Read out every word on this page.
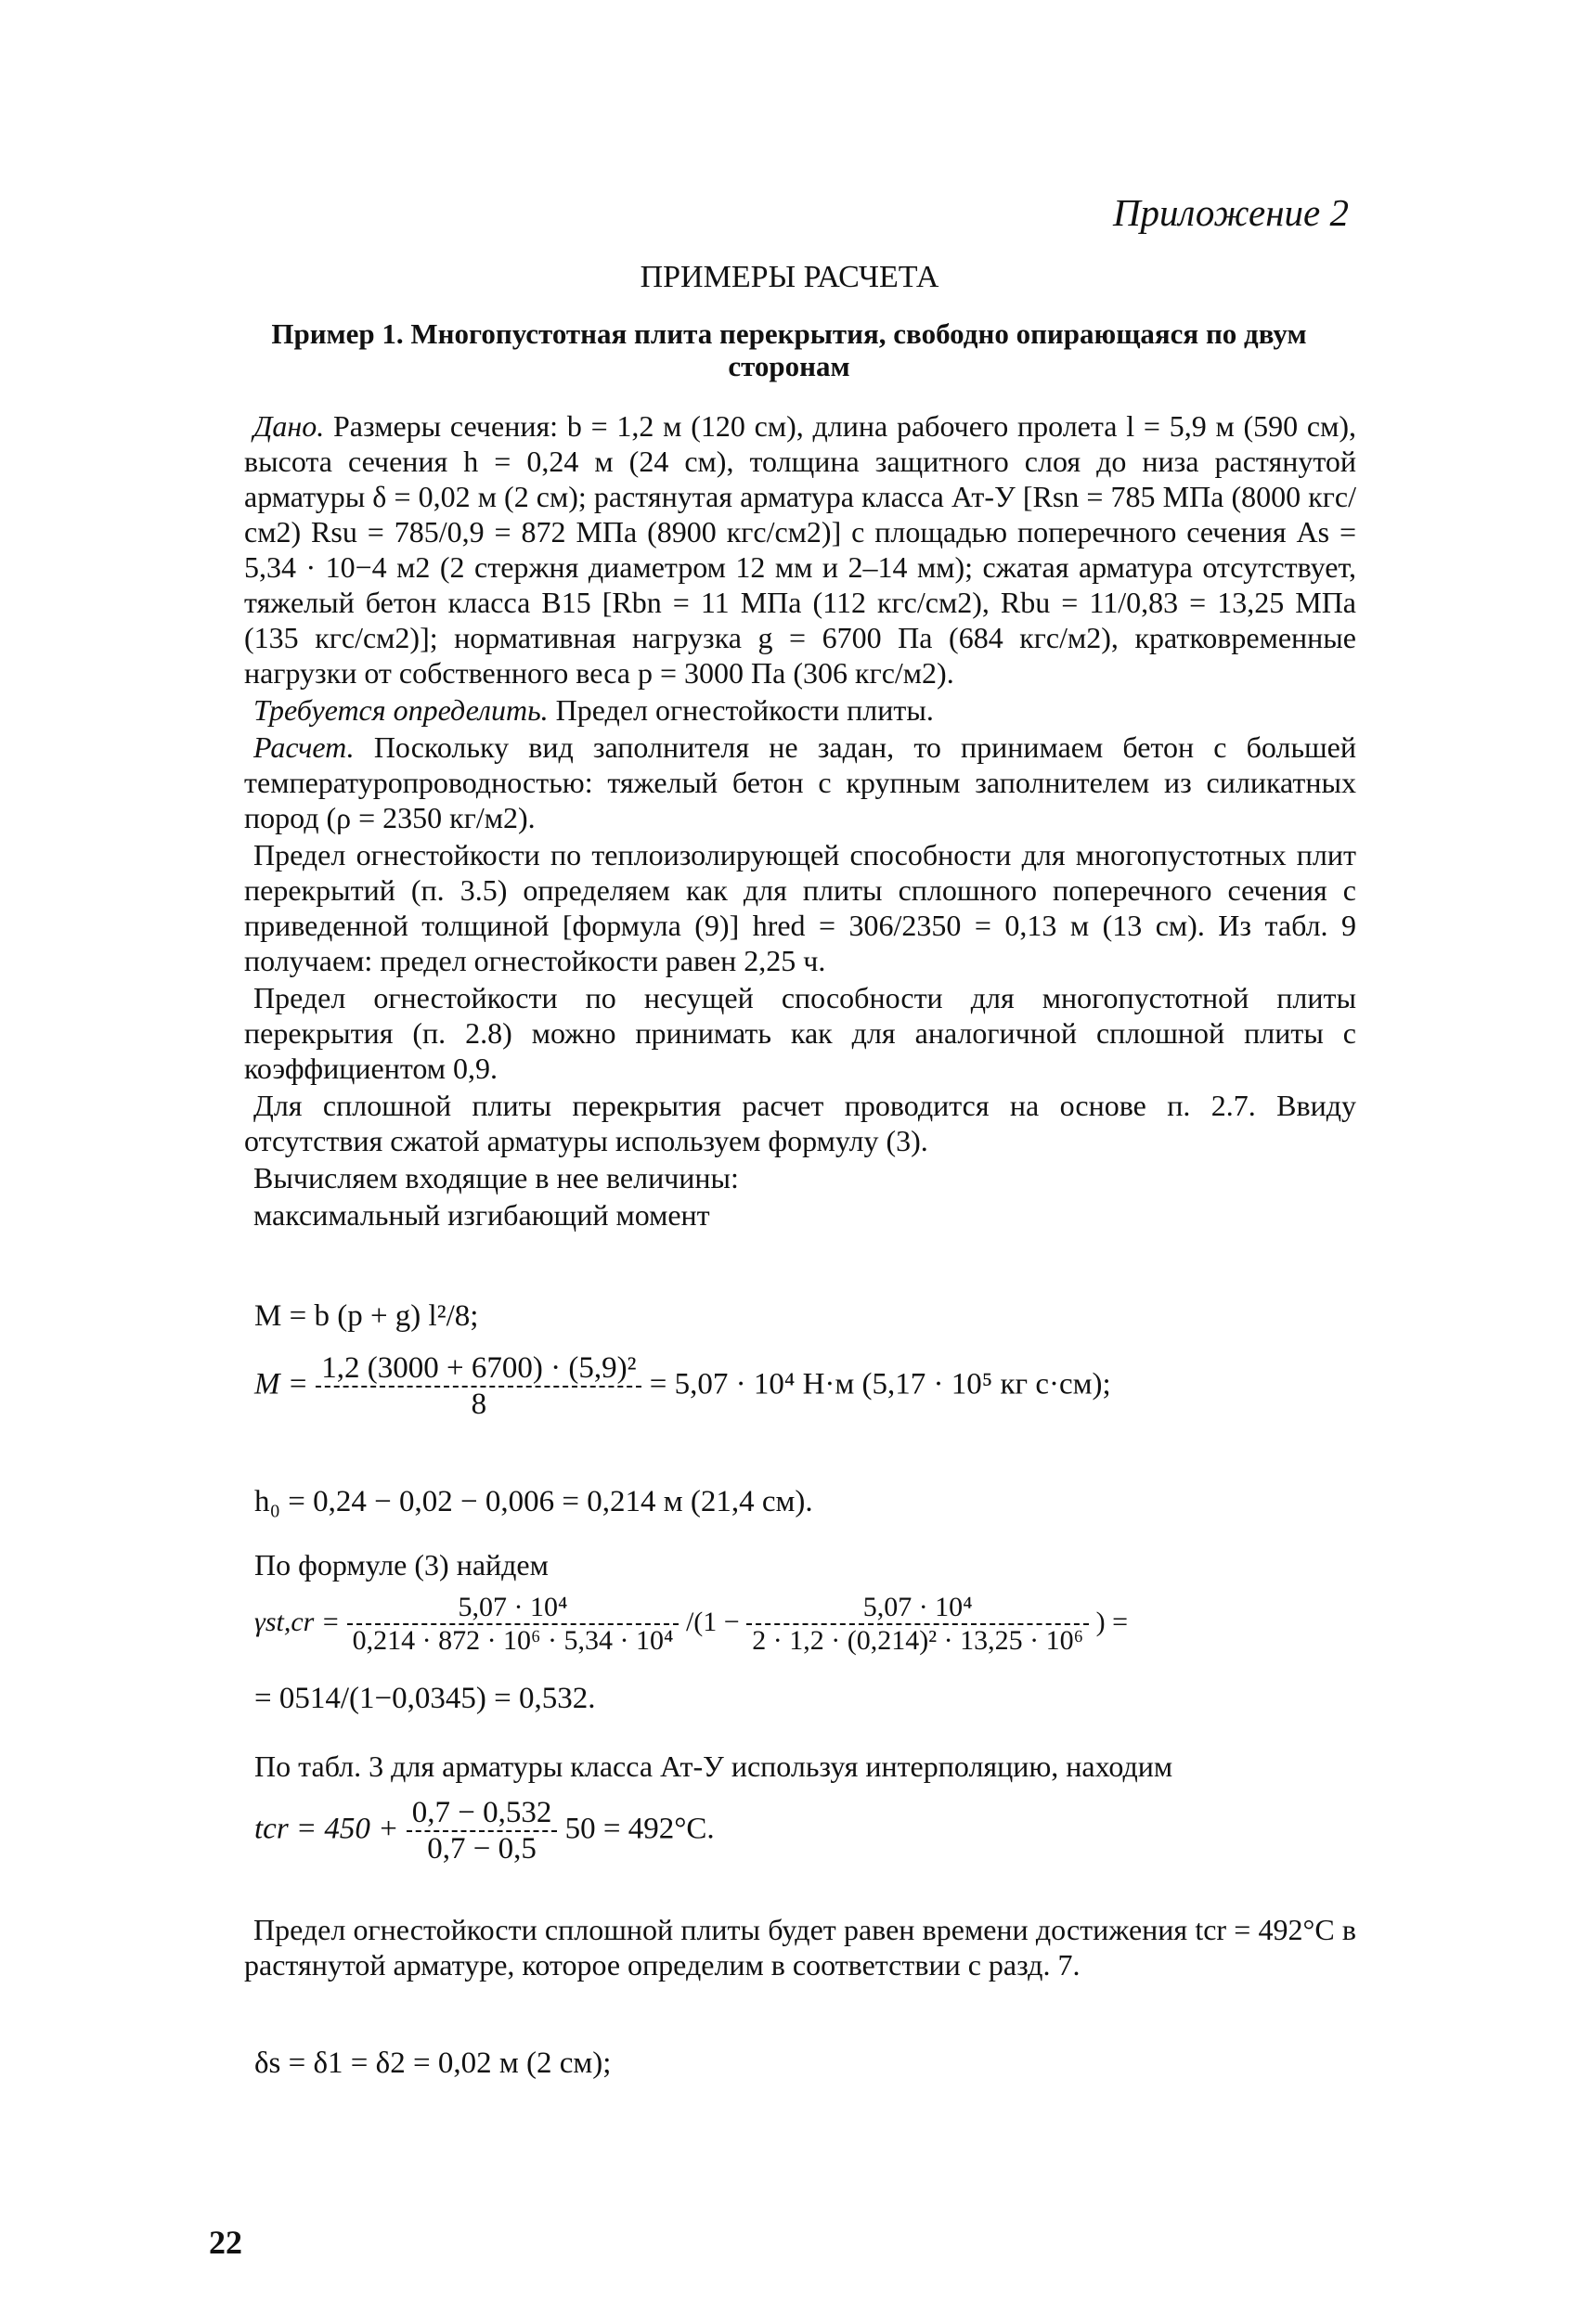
Приложение 2
ПРИМЕРЫ РАСЧЕТА
Пример 1. Многопустотная плита перекрытия, свободно опирающаяся по двум сторонам

Дано. Размеры сечения: b = 1,2 м (120 см), длина рабочего пролета l = 5,9 м (590 см), высота сечения h = 0,24 м (24 см), толщина защитного слоя до низа растянутой арматуры δ = 0,02 м (2 см); растянутая арматура класса Ат-У [Rsn = 785 МПа (8000 кгс/см2) Rsu = 785/0,9 = 872 МПа (8900 кгс/см2)] с площадью поперечного сечения As = 5,34 · 10−4 м2 (2 стержня диаметром 12 мм и 2–14 мм); сжатая арматура отсутствует, тяжелый бетон класса В15 [Rbn = 11 МПа (112 кгс/см2), Rbu = 11/0,83 = 13,25 МПа (135 кгс/см2)]; нормативная нагрузка g = 6700 Па (684 кгс/м2), кратковременные нагрузки от собственного веса p = 3000 Па (306 кгс/м2).

Требуется определить. Предел огнестойкости плиты.

Расчет. Поскольку вид заполнителя не задан, то принимаем бетон с большей температуропроводностью: тяжелый бетон с крупным заполнителем из силикатных пород (ρ = 2350 кг/м2).

Предел огнестойкости по теплоизолирующей способности для многопустотных плит перекрытий (п. 3.5) определяем как для плиты сплошного поперечного сечения с приведенной толщиной [формула (9)] hred = 306/2350 = 0,13 м (13 см). Из табл. 9 получаем: предел огнестойкости равен 2,25 ч.

Предел огнестойкости по несущей способности для многопустотной плиты перекрытия (п. 2.8) можно принимать как для аналогичной сплошной плиты с коэффициентом 0,9.

Для сплошной плиты перекрытия расчет проводится на основе п. 2.7. Ввиду отсутствия сжатой арматуры используем формулу (3).

Вычисляем входящие в нее величины:

максимальный изгибающий момент

M = b (p + g) l²/8;
$M = \frac{\text{1,2 (3000 + 6700) · (5,9)²}}{8} = 5,07 \cdot 10^4$ Н·м (5,17 · 10⁵ кг с·см);
h₀ = 0,24 − 0,02 − 0,006 = 0,214 м (21,4 см).
По формуле (3) найдем
$\gamma st,cr = \frac{\text{5,07 · 10⁴}}{\text{0,214 · 872 · 10⁶ · 5,34 · 10⁴}} /(1 - \frac{\text{5,07 · 10⁴}}{\text{2 · 1,2 · (0,214)² · 13,25 · 10⁶}}$ ) =
= 0514/(1−0,0345) = 0,532.
По табл. 3 для арматуры класса Ат-У используя интерполяцию, находим
tcr = $450 + \frac{0,7 - 0,532}{0,7 - 0,5} 50 = 492^\circ С$.
Предел огнестойкости сплошной плиты будет равен времени достижения tcr = 492°С в растянутой арматуре, которое определим в соответствии с разд. 7.
δs = δ1 = δ2 = 0,02 м (2 см);
22
